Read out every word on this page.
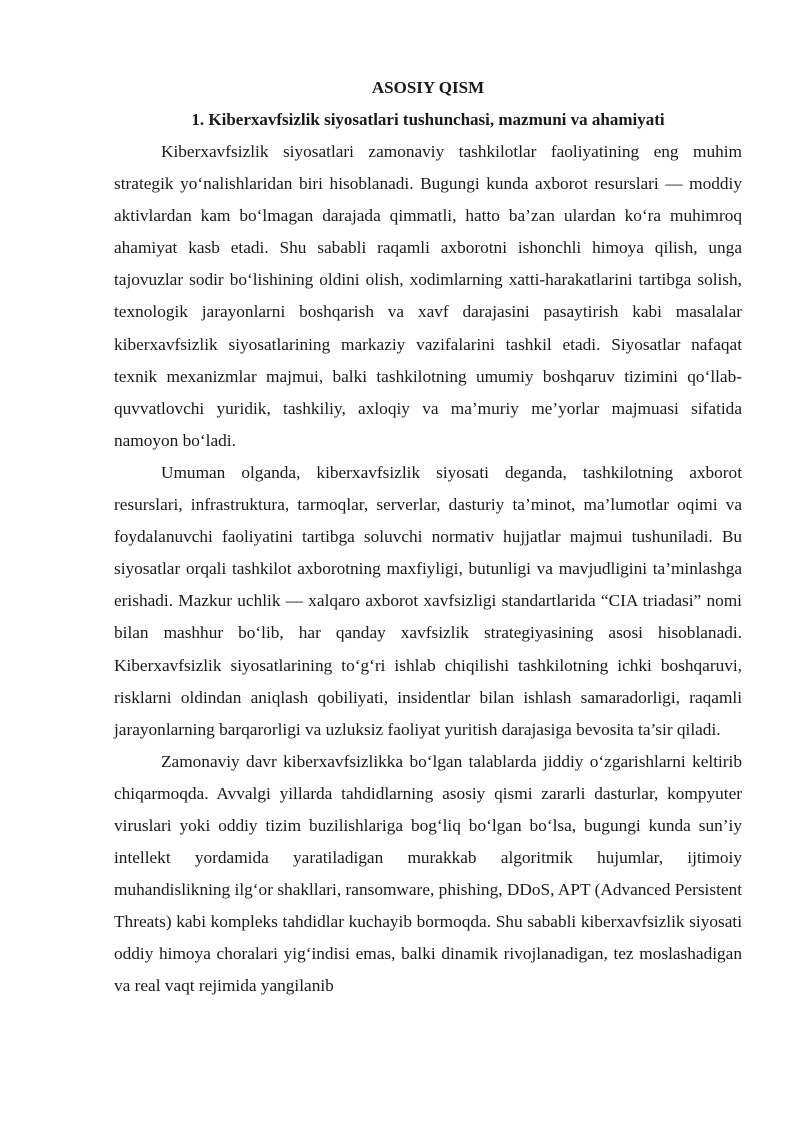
ASOSIY QISM
1. Kiberxavfsizlik siyosatlari tushunchasi, mazmuni va ahamiyati

Kiberxavfsizlik siyosatlari zamonaviy tashkilotlar faoliyatining eng muhim strategik yo‘nalishlaridan biri hisoblanadi. Bugungi kunda axborot resurslari — moddiy aktivlardan kam bo‘lmagan darajada qimmatli, hatto ba’zan ulardan ko‘ra muhimroq ahamiyat kasb etadi. Shu sababli raqamli axborotni ishonchli himoya qilish, unga tajovuzlar sodir bo‘lishining oldini olish, xodimlarning xatti-harakatlarini tartibga solish, texnologik jarayonlarni boshqarish va xavf darajasini pasaytirish kabi masalalar kiberxavfsizlik siyosatlarining markaziy vazifalarini tashkil etadi. Siyosatlar nafaqat texnik mexanizmlar majmui, balki tashkilotning umumiy boshqaruv tizimini qo‘llab-quvvatlovchi yuridik, tashkiliy, axloqiy va ma’muriy me’yorlar majmuasi sifatida namoyon bo‘ladi.

Umuman olganda, kiberxavfsizlik siyosati deganda, tashkilotning axborot resurslari, infrastruktura, tarmoqlar, serverlar, dasturiy ta’minot, ma’lumotlar oqimi va foydalanuvchi faoliyatini tartibga soluvchi normativ hujjatlar majmui tushuniladi. Bu siyosatlar orqali tashkilot axborotning maxfiyligi, butunligi va mavjudligini ta’minlashga erishadi. Mazkur uchlik — xalqaro axborot xavfsizligi standartlarida “CIA triadasi” nomi bilan mashhur bo‘lib, har qanday xavfsizlik strategiyasining asosi hisoblanadi. Kiberxavfsizlik siyosatlarining to‘g‘ri ishlab chiqilishi tashkilotning ichki boshqaruvi, risklarni oldindan aniqlash qobiliyati, insidentlar bilan ishlash samaradorligi, raqamli jarayonlarning barqarorligi va uzluksiz faoliyat yuritish darajasiga bevosita ta’sir qiladi.

Zamonaviy davr kiberxavfsizlikka bo‘lgan talablarda jiddiy o‘zgarishlarni keltirib chiqarmoqda. Avvalgi yillarda tahdidlarning asosiy qismi zararli dasturlar, kompyuter viruslari yoki oddiy tizim buzilishlariga bog‘liq bo‘lgan bo‘lsa, bugungi kunda sun’iy intellekt yordamida yaratiladigan murakkab algoritmik hujumlar, ijtimoiy muhandislikning ilg‘or shakllari, ransomware, phishing, DDoS, APT (Advanced Persistent Threats) kabi kompleks tahdidlar kuchayib bormoqda. Shu sababli kiberxavfsizlik siyosati oddiy himoya choralari yig‘indisi emas, balki dinamik rivojlanadigan, tez moslashadigan va real vaqt rejimida yangilanib
